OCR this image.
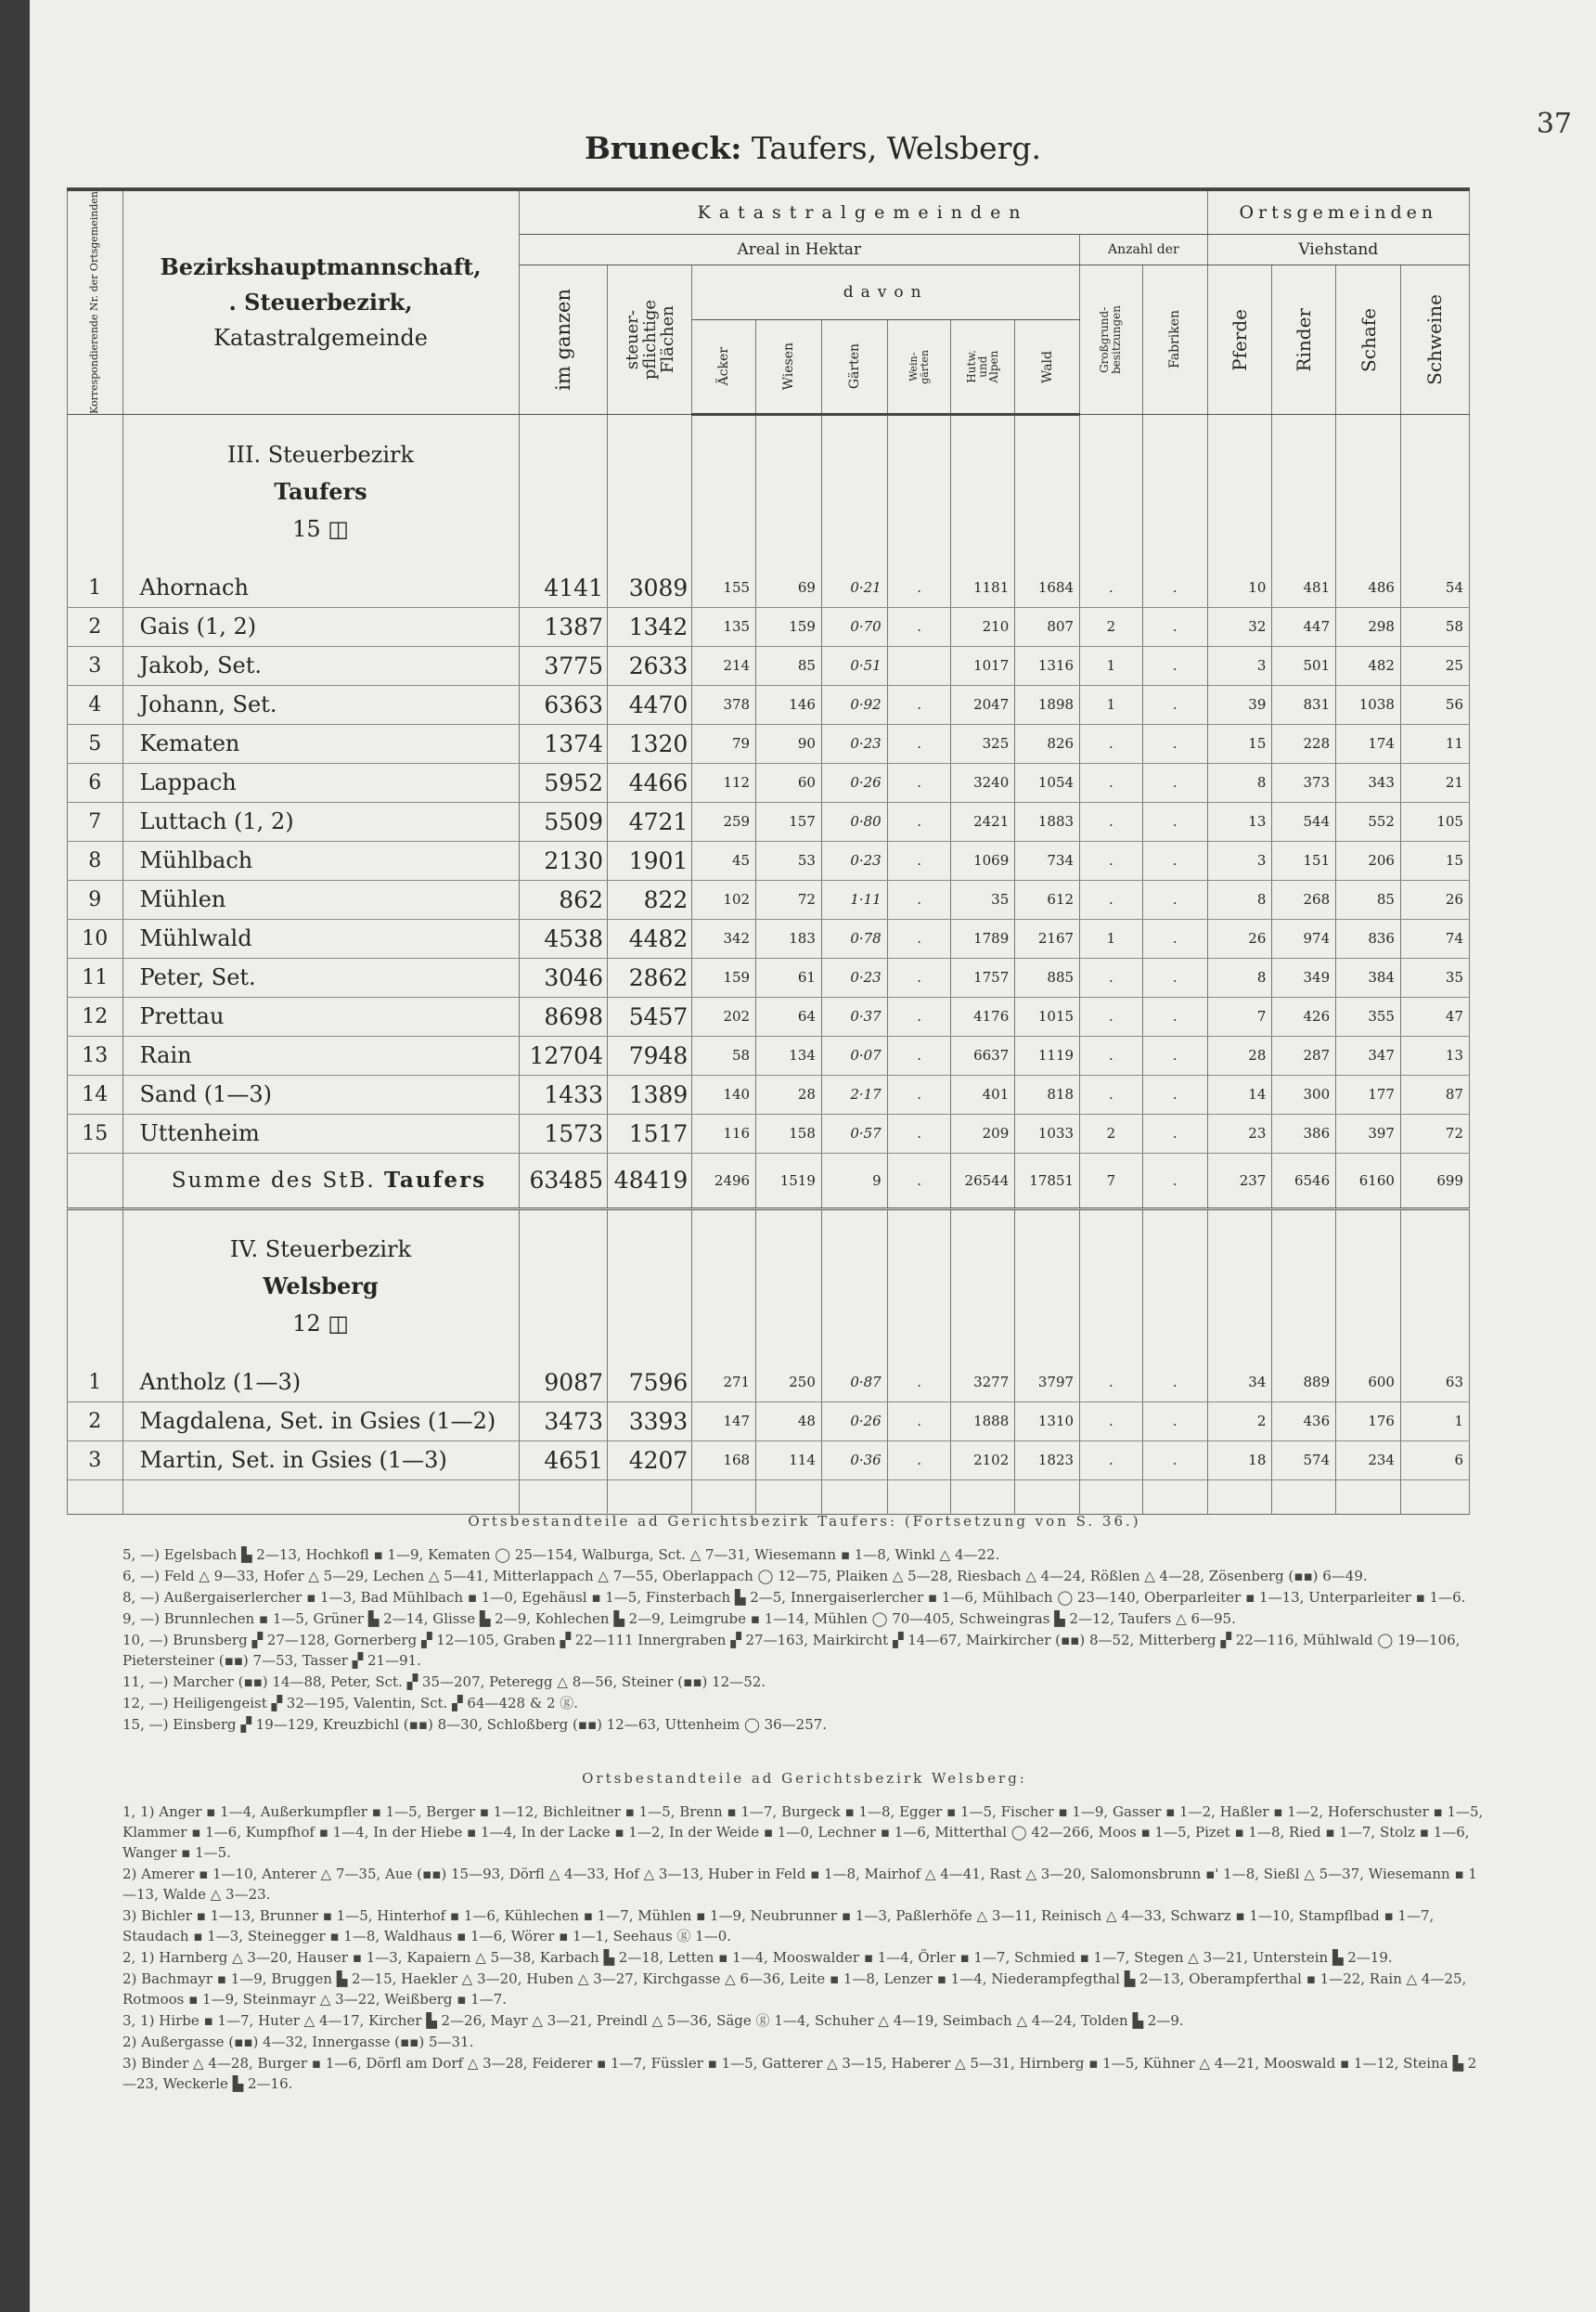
37
Bruneck: Taufers, Welsberg.
Korrespondierende Nr. der Ortsgemeinden	Bezirkshauptmannschaft,
. Steuerbezirk,
Katastralgemeinde	Katastralgemeinden										Ortsgemeinden			
		Areal in Hektar								Anzahl der		Viehstand			

		im ganzen	steuer-
pflichtige
Flächen	davon						Großgrund-
besitzungen	Fabriken	Pferde	Rinder	Schafe	Schweine

				Äcker	Wiesen	Gärten	Wein-
gärten	Hutw.
und
Alpen	Wald						

	III. Steuerbezirk
Taufers
15 ◫														

1	Ahornach	4141	3089	155	69	0·21	.	1181	1684	.	.	10	481	486	54
2	Gais (1, 2)	1387	1342	135	159	0·70	.	210	807	2	.	32	447	298	58
3	Jakob, Set.	3775	2633	214	85	0·51		1017	1316	1	.	3	501	482	25
4	Johann, Set.	6363	4470	378	146	0·92	.	2047	1898	1	.	39	831	1038	56
5	Kematen	1374	1320	79	90	0·23	.	325	826	.	.	15	228	174	11
6	Lappach	5952	4466	112	60	0·26	.	3240	1054	.	.	8	373	343	21
7	Luttach (1, 2)	5509	4721	259	157	0·80	.	2421	1883	.	.	13	544	552	105
8	Mühlbach	2130	1901	45	53	0·23	.	1069	734	.	.	3	151	206	15
9	Mühlen	862	822	102	72	1·11	.	35	612	.	.	8	268	85	26
10	Mühlwald	4538	4482	342	183	0·78	.	1789	2167	1	.	26	974	836	74
11	Peter, Set.	3046	2862	159	61	0·23	.	1757	885	.	.	8	349	384	35
12	Prettau	8698	5457	202	64	0·37	.	4176	1015	.	.	7	426	355	47
13	Rain	12704	7948	58	134	0·07	.	6637	1119	.	.	28	287	347	13
14	Sand (1—3)	1433	1389	140	28	2·17	.	401	818	.	.	14	300	177	87
15	Uttenheim	1573	1517	116	158	0·57	.	209	1033	2	.	23	386	397	72
	Summe des StB. Taufers	63485	48419	2496	1519	9	.	26544	17851	7	.	237	6546	6160	699

	IV. Steuerbezirk
Welsberg
12 ◫														

1	Antholz (1—3)	9087	7596	271	250	0·87	.	3277	3797	.	.	34	889	600	63
2	Magdalena, Set. in Gsies (1—2)	3473	3393	147	48	0·26	.	1888	1310	.	.	2	436	176	1
3	Martin, Set. in Gsies (1—3)	4651	4207	168	114	0·36	.	2102	1823	.	.	18	574	234	6

Ortsbestandteile ad Gerichtsbezirk Taufers: (Fortsetzung von S. 36.)
5, —) Egelsbach ▙ 2—13, Hochkofl ▪ 1—9, Kematen ◯ 25—154, Walburga, Sct. △ 7—31, Wiesemann ▪ 1—8, Winkl △ 4—22.
6, —) Feld △ 9—33, Hofer △ 5—29, Lechen △ 5—41, Mitterlappach △ 7—55, Oberlappach ◯ 12—75, Plaiken △ 5—28, Riesbach △ 4—24, Rößlen △ 4—28, Zösenberg (▪▪) 6—49.
8, —) Außergaiserlercher ▪ 1—3, Bad Mühlbach ▪ 1—0, Egehäusl ▪ 1—5, Finsterbach ▙ 2—5, Innergaiserlercher ▪ 1—6, Mühlbach ◯ 23—140, Oberparleiter ▪ 1—13, Unterparleiter ▪ 1—6.
9, —) Brunnlechen ▪ 1—5, Grüner ▙ 2—14, Glisse ▙ 2—9, Kohlechen ▙ 2—9, Leimgrube ▪ 1—14, Mühlen ◯ 70—405, Schweingras ▙ 2—12, Taufers △ 6—95.
10, —) Brunsberg ▞ 27—128, Gornerberg ▞ 12—105, Graben ▞ 22—111 Innergraben ▞ 27—163, Mairkircht ▞ 14—67, Mairkircher (▪▪) 8—52, Mitterberg ▞ 22—116, Mühlwald ◯ 19—106, Pietersteiner (▪▪) 7—53, Tasser ▞ 21—91.
11, —) Marcher (▪▪) 14—88, Peter, Sct. ▞ 35—207, Peteregg △ 8—56, Steiner (▪▪) 12—52.
12, —) Heiligengeist ▞ 32—195, Valentin, Sct. ▞ 64—428 & 2 ⓖ.
15, —) Einsberg ▞ 19—129, Kreuzbichl (▪▪) 8—30, Schloßberg (▪▪) 12—63, Uttenheim ◯ 36—257.
Ortsbestandteile ad Gerichtsbezirk Welsberg:
1, 1) Anger ▪ 1—4, Außerkumpfler ▪ 1—5, Berger ▪ 1—12, Bichleitner ▪ 1—5, Brenn ▪ 1—7, Burgeck ▪ 1—8, Egger ▪ 1—5, Fischer ▪ 1—9, Gasser ▪ 1—2, Haßler ▪ 1—2, Hoferschuster ▪ 1—5, Klammer ▪ 1—6, Kumpfhof ▪ 1—4, In der Hiebe ▪ 1—4, In der Lacke ▪ 1—2, In der Weide ▪ 1—0, Lechner ▪ 1—6, Mitterthal ◯ 42—266, Moos ▪ 1—5, Pizet ▪ 1—8, Ried ▪ 1—7, Stolz ▪ 1—6, Wanger ▪ 1—5.
2) Amerer ▪ 1—10, Anterer △ 7—35, Aue (▪▪) 15—93, Dörfl △ 4—33, Hof △ 3—13, Huber in Feld ▪ 1—8, Mairhof △ 4—41, Rast △ 3—20, Salomonsbrunn ▪' 1—8, Sießl △ 5—37, Wiesemann ▪ 1—13, Walde △ 3—23.
3) Bichler ▪ 1—13, Brunner ▪ 1—5, Hinterhof ▪ 1—6, Kühlechen ▪ 1—7, Mühlen ▪ 1—9, Neubrunner ▪ 1—3, Paßlerhöfe △ 3—11, Reinisch △ 4—33, Schwarz ▪ 1—10, Stampflbad ▪ 1—7, Staudach ▪ 1—3, Steinegger ▪ 1—8, Waldhaus ▪ 1—6, Wörer ▪ 1—1, Seehaus ⓖ 1—0.
2, 1) Harnberg △ 3—20, Hauser ▪ 1—3, Kapaiern △ 5—38, Karbach ▙ 2—18, Letten ▪ 1—4, Mooswalder ▪ 1—4, Örler ▪ 1—7, Schmied ▪ 1—7, Stegen △ 3—21, Unterstein ▙ 2—19.
2) Bachmayr ▪ 1—9, Bruggen ▙ 2—15, Haekler △ 3—20, Huben △ 3—27, Kirchgasse △ 6—36, Leite ▪ 1—8, Lenzer ▪ 1—4, Niederampfegthal ▙ 2—13, Oberampferthal ▪ 1—22, Rain △ 4—25, Rotmoos ▪ 1—9, Steinmayr △ 3—22, Weißberg ▪ 1—7.
3, 1) Hirbe ▪ 1—7, Huter △ 4—17, Kircher ▙ 2—26, Mayr △ 3—21, Preindl △ 5—36, Säge ⓖ 1—4, Schuher △ 4—19, Seimbach △ 4—24, Tolden ▙ 2—9.
2) Außergasse (▪▪) 4—32, Innergasse (▪▪) 5—31.
3) Binder △ 4—28, Burger ▪ 1—6, Dörfl am Dorf △ 3—28, Feiderer ▪ 1—7, Füssler ▪ 1—5, Gatterer △ 3—15, Haberer △ 5—31, Hirnberg ▪ 1—5, Kühner △ 4—21, Mooswald ▪ 1—12, Steina ▙ 2—23, Weckerle ▙ 2—16.
